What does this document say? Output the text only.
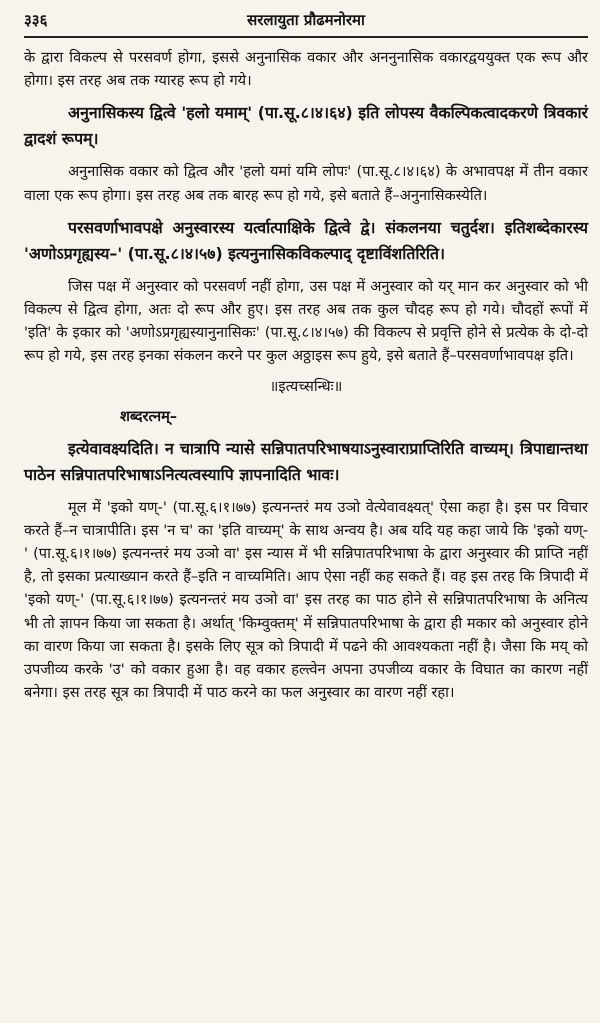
३३६	सरलायुता प्रौढमनोरमा

के द्वारा विकल्प से परसवर्ण होगा, इससे अनुनासिक वकार और अननुनासिक वकारद्वययुक्त एक रूप और होगा। इस तरह अब तक ग्यारह रूप हो गये।

अनुनासिकस्य द्वित्वे 'हलो यमाम्' (पा.सू.८।४।६४) इति लोपस्य वैकल्पिकत्वादकरणे त्रिवकारं द्वादशं रूपम्।

अनुनासिक वकार को द्वित्व और 'हलो यमां यमि लोपः' (पा.सू.८।४।६४) के अभावपक्ष में तीन वकार वाला एक रूप होगा। इस तरह अब तक बारह रूप हो गये, इसे बताते हैं–अनुनासिकस्येति।

परसवर्णाभावपक्षे अनुस्वारस्य यर्त्वात्पाक्षिके द्वित्वे द्वे। संकलनया चतुर्दश। इतिशब्देकारस्य 'अणोऽप्रगृह्यस्य–' (पा.सू.८।४।५७) इत्यनुनासिकविकल्पाद् दृष्टाविंशतिरिति।

जिस पक्ष में अनुस्वार को परसवर्ण नहीं होगा, उस पक्ष में अनुस्वार को यर् मान कर अनुस्वार को भी विकल्प से द्वित्व होगा, अतः दो रूप और हुए। इस तरह अब तक कुल चौदह रूप हो गये। चौदहों रूपों में 'इति' के इकार को 'अणोऽप्रगृह्यस्यानुनासिकः' (पा.सू.८।४।५७) की विकल्प से प्रवृत्ति होने से प्रत्येक के दो-दो रूप हो गये, इस तरह इनका संकलन करने पर कुल अठ्ठाइस रूप हुये, इसे बताते हैं–परसवर्णाभावपक्ष इति।

॥इत्यच्सन्धिः॥

शब्दरत्नम्–

इत्येवावक्ष्यदिति। न चात्रापि न्यासे सन्निपातपरिभाषयाऽनुस्वाराप्राप्तिरिति वाच्यम्। त्रिपाद्यान्तथा पाठेन सन्निपातपरिभाषाऽनित्यत्वस्यापि ज्ञापनादिति भावः।

मूल में 'इको यण्-' (पा.सू.६।१।७७) इत्यनन्तरं मय उञो वेत्येवावक्ष्यत्' ऐसा कहा है। इस पर विचार करते हैं–न चात्रापीति। इस 'न च' का 'इति वाच्यम्' के साथ अन्वय है। अब यदि यह कहा जाये कि 'इको यण्-' (पा.सू.६।१।७७) इत्यनन्तरं मय उञो वा' इस न्यास में भी सन्निपातपरिभाषा के द्वारा अनुस्वार की प्राप्ति नहीं है, तो इसका प्रत्याख्यान करते हैं–इति न वाच्यमिति। आप ऐसा नहीं कह सकते हैं। वह इस तरह कि त्रिपादी में 'इको यण्-' (पा.सू.६।१।७७) इत्यनन्तरं मय उञो वा' इस तरह का पाठ होने से सन्निपातपरिभाषा के अनित्य भी तो ज्ञापन किया जा सकता है। अर्थात् 'किम्वुक्तम्' में सन्निपातपरिभाषा के द्वारा ही मकार को अनुस्वार होने का वारण किया जा सकता है। इसके लिए सूत्र को त्रिपादी में पढने की आवश्यकता नहीं है। जैसा कि मय् को उपजीव्य करके 'उ' को वकार हुआ है। वह वकार हल्त्वेन अपना उपजीव्य वकार के विघात का कारण नहीं बनेगा। इस तरह सूत्र का त्रिपादी में पाठ करने का फल अनुस्वार का वारण नहीं रहा।
